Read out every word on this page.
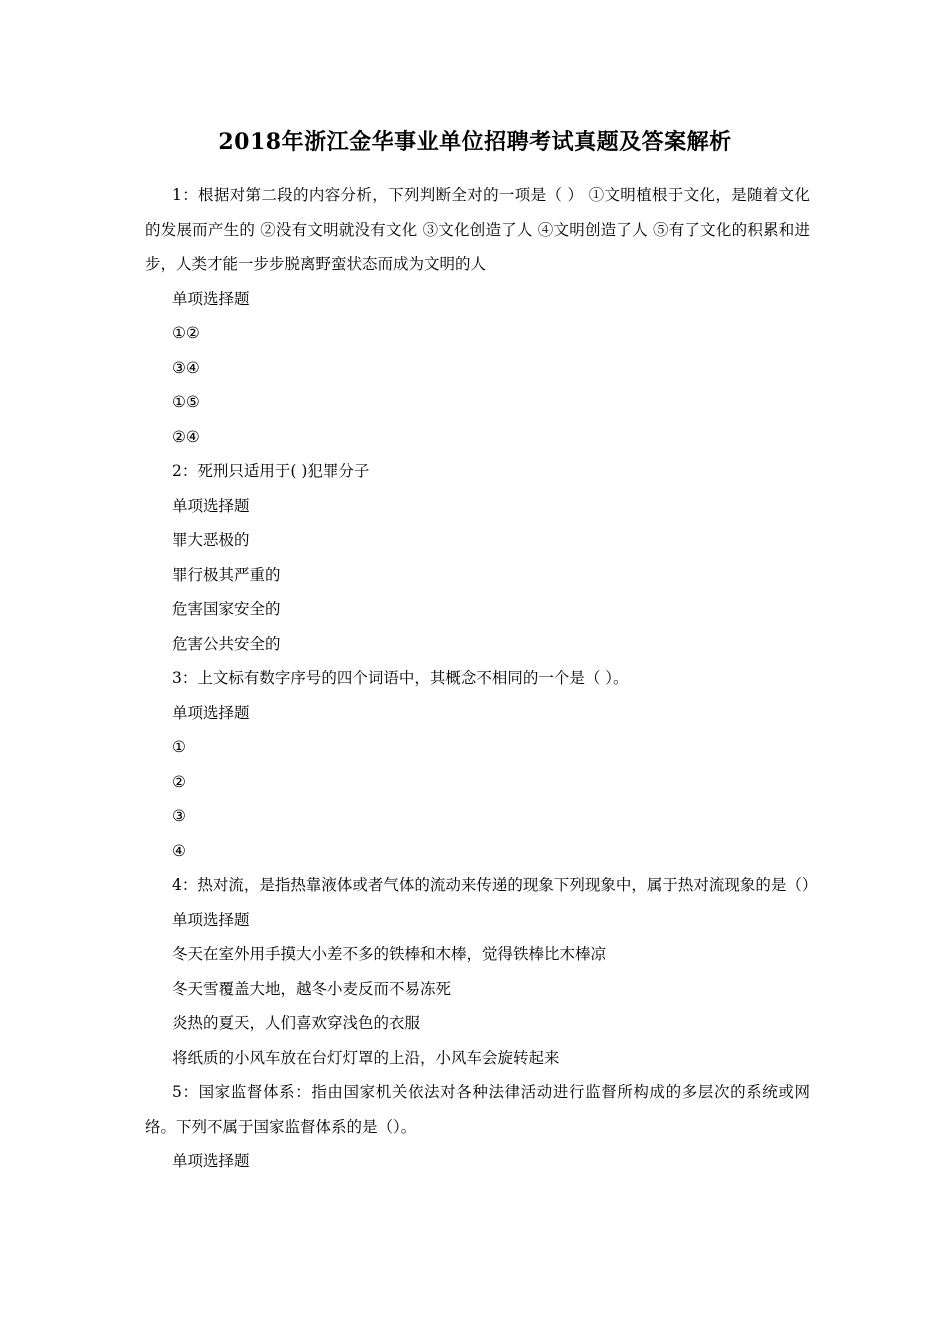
2018年浙江金华事业单位招聘考试真题及答案解析

1：根据对第二段的内容分析，下列判断全对的一项是（ ） ①文明植根于文化，是随着文化的发展而产生的 ②没有文明就没有文化 ③文化创造了人 ④文明创造了人 ⑤有了文化的积累和进步，人类才能一步步脱离野蛮状态而成为文明的人

单项选择题
①②
③④
①⑤
②④

2：死刑只适用于( )犯罪分子

单项选择题
罪大恶极的
罪行极其严重的
危害国家安全的
危害公共安全的

3：上文标有数字序号的四个词语中，其概念不相同的一个是（ ）。

单项选择题
①
②
③
④

4：热对流，是指热靠液体或者气体的流动来传递的现象下列现象中，属于热对流现象的是（）

单项选择题
冬天在室外用手摸大小差不多的铁棒和木棒，觉得铁棒比木棒凉
冬天雪覆盖大地，越冬小麦反而不易冻死
炎热的夏天，人们喜欢穿浅色的衣服
将纸质的小风车放在台灯灯罩的上沿，小风车会旋转起来

5：国家监督体系：指由国家机关依法对各种法律活动进行监督所构成的多层次的系统或网络。下列不属于国家监督体系的是（）。

单项选择题
